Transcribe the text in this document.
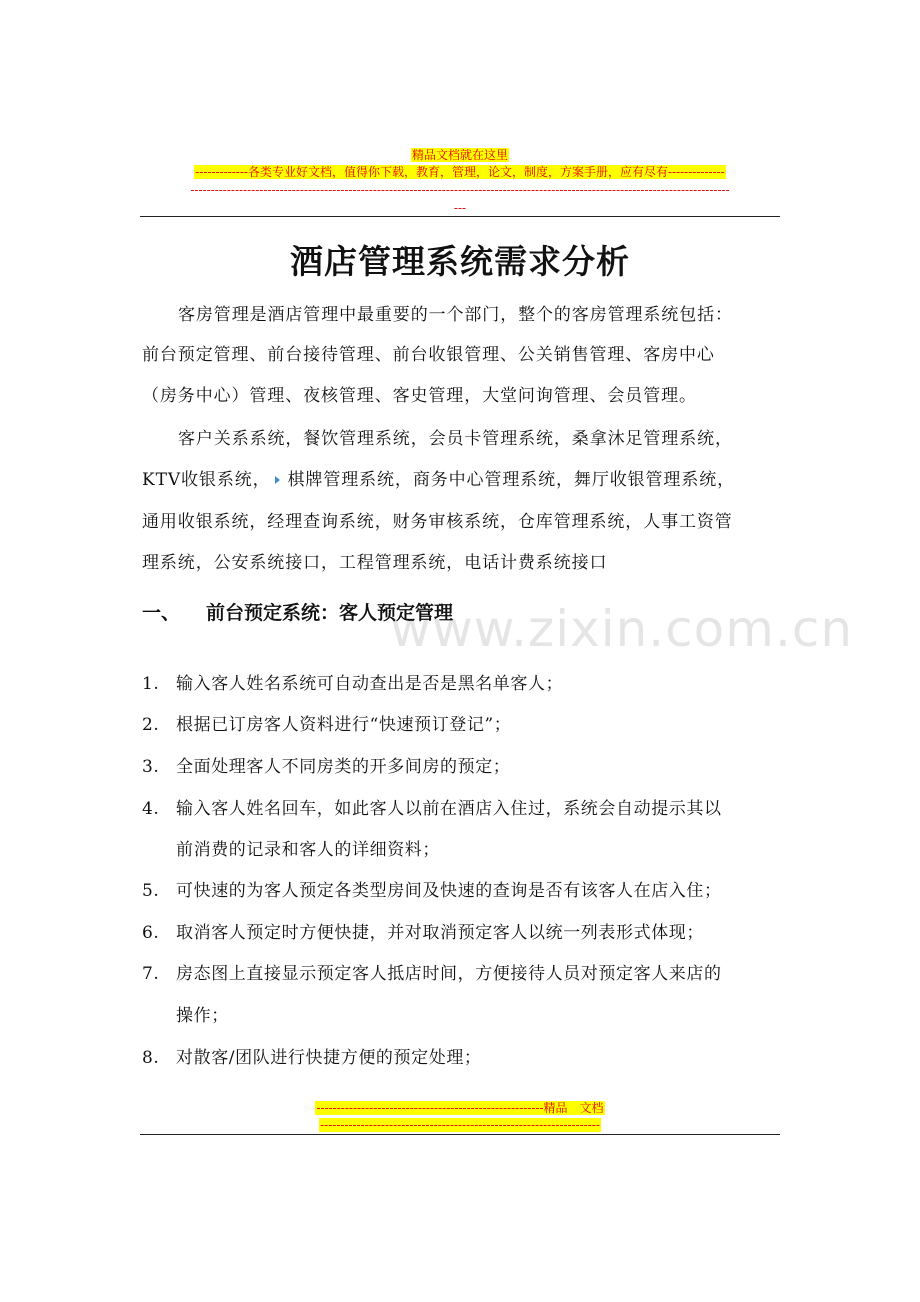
精品文档就在这里
-------------各类专业好文档，值得你下载，教育，管理，论文，制度，方案手册，应有尽有--------------
-------------------------------------------------------------------------------------------------------------------------------------
---
酒店管理系统需求分析
客房管理是酒店管理中最重要的一个部门，整个的客房管理系统包括：
前台预定管理、前台接待管理、前台收银管理、公关销售管理、客房中心
（房务中心）管理、夜核管理、客史管理，大堂问询管理、会员管理。
客户关系系统，餐饮管理系统，会员卡管理系统，桑拿沐足管理系统，
KTV收银系统， 棋牌管理系统，商务中心管理系统，舞厅收银管理系统，
通用收银系统，经理查询系统，财务审核系统，仓库管理系统，人事工资管
理系统，公安系统接口，工程管理系统，电话计费系统接口
一、 前台预定系统：客人预定管理
www.zixin.com.cn
1. 输入客人姓名系统可自动查出是否是黑名单客人；
2. 根据已订房客人资料进行“快速预订登记”；
3. 全面处理客人不同房类的开多间房的预定；
4. 输入客人姓名回车，如此客人以前在酒店入住过，系统会自动提示其以
前消费的记录和客人的详细资料；
5. 可快速的为客人预定各类型房间及快速的查询是否有该客人在店入住；
6. 取消客人预定时方便快捷，并对取消预定客人以统一列表形式体现；
7. 房态图上直接显示预定客人抵店时间，方便接待人员对预定客人来店的
操作；
8. 对散客/团队进行快捷方便的预定处理；
--------------------------------------------------------精品　文档
---------------------------------------------------------------------
